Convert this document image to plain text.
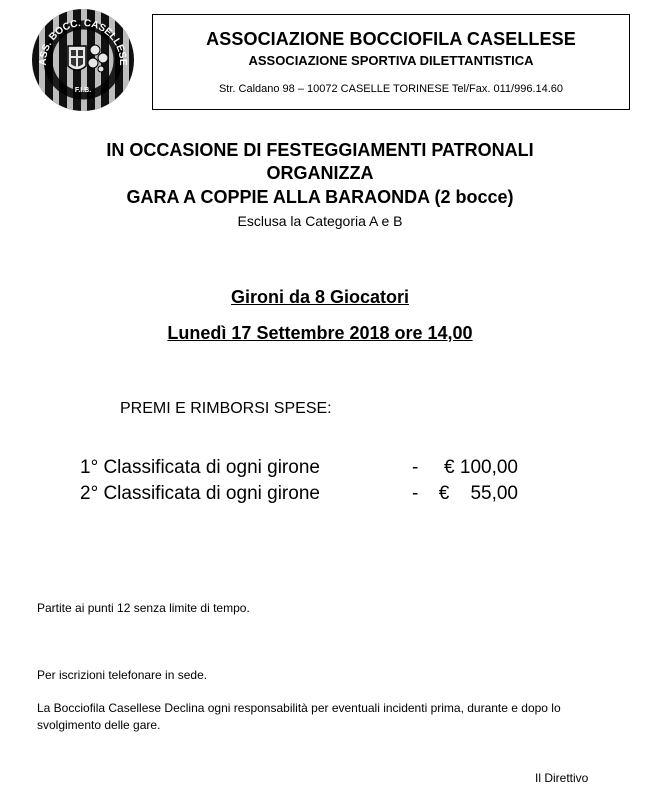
ASS. BOCC. CASELLESE
F.I.B.
ASSOCIAZIONE BOCCIOFILA CASELLESE
ASSOCIAZIONE SPORTIVA DILETTANTISTICA
Str. Caldano 98 – 10072 CASELLE TORINESE Tel/Fax. 011/996.14.60
IN OCCASIONE DI FESTEGGIAMENTI PATRONALI
ORGANIZZA
GARA A COPPIE ALLA BARAONDA (2 bocce)
Esclusa la Categoria A e B
Gironi da 8 Giocatori
Lunedì 17 Settembre 2018 ore 14,00
PREMI E RIMBORSI SPESE:
1° Classificata di ogni girone	-	€ 100,00
2° Classificata di ogni girone	-	€ 55,00
Partite ai punti 12 senza limite di tempo.
Per iscrizioni telefonare in sede.
La Bocciofila Casellese Declina ogni responsabilità per eventuali incidenti prima, durante e dopo lo svolgimento delle gare.
Il Direttivo
